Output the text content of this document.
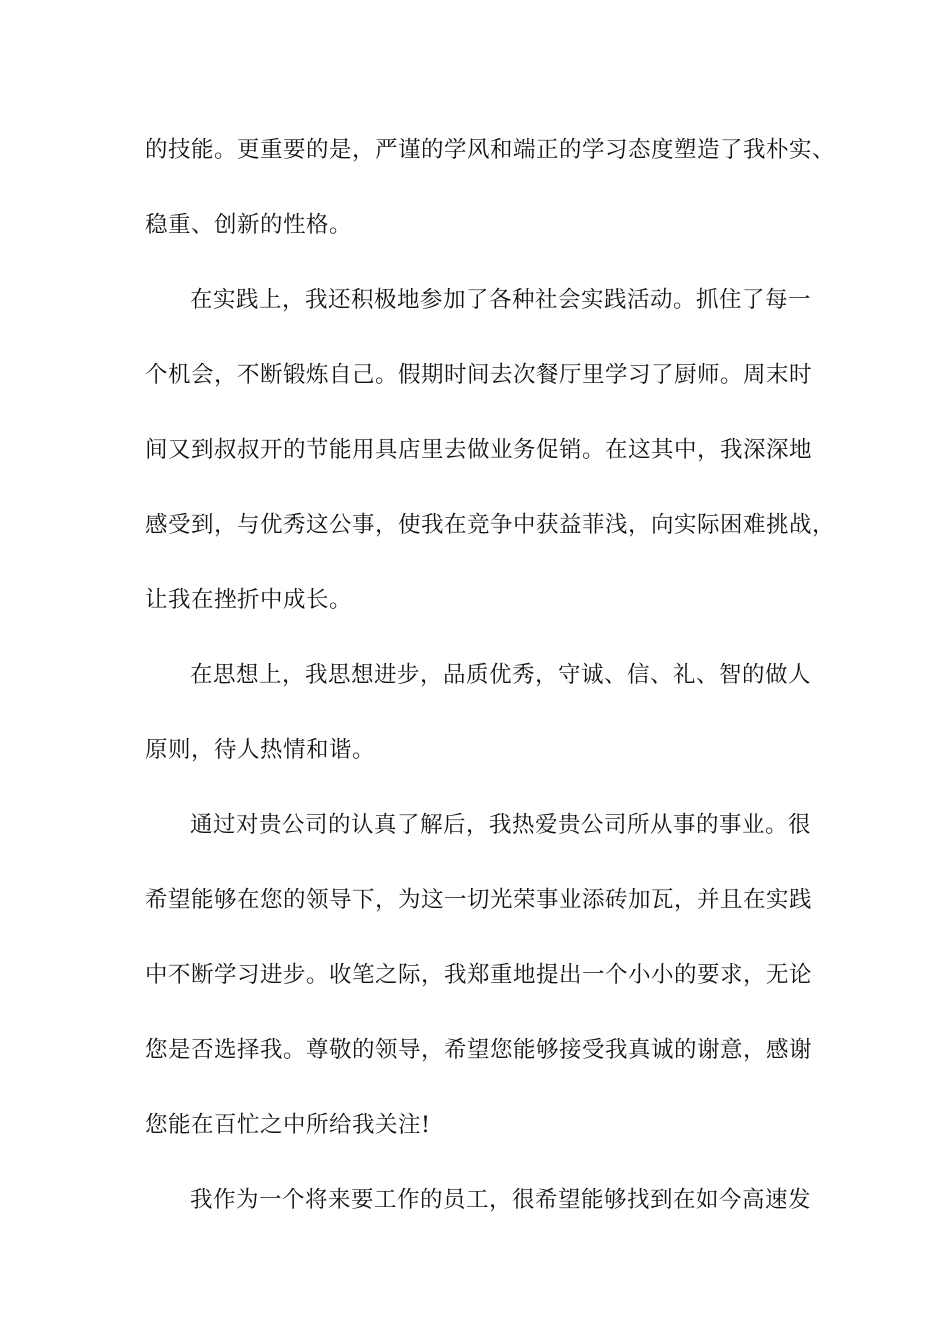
的技能。更重要的是，严谨的学风和端正的学习态度塑造了我朴实、
稳重、创新的性格。
在实践上，我还积极地参加了各种社会实践活动。抓住了每一
个机会，不断锻炼自己。假期时间去次餐厅里学习了厨师。周末时
间又到叔叔开的节能用具店里去做业务促销。在这其中，我深深地
感受到，与优秀这公事，使我在竞争中获益菲浅，向实际困难挑战，
让我在挫折中成长。
在思想上，我思想进步，品质优秀，守诚、信、礼、智的做人
原则，待人热情和谐。
通过对贵公司的认真了解后，我热爱贵公司所从事的事业。很
希望能够在您的领导下，为这一切光荣事业添砖加瓦，并且在实践
中不断学习进步。收笔之际，我郑重地提出一个小小的要求，无论
您是否选择我。尊敬的领导，希望您能够接受我真诚的谢意，感谢
您能在百忙之中所给我关注!
我作为一个将来要工作的员工，很希望能够找到在如今高速发
